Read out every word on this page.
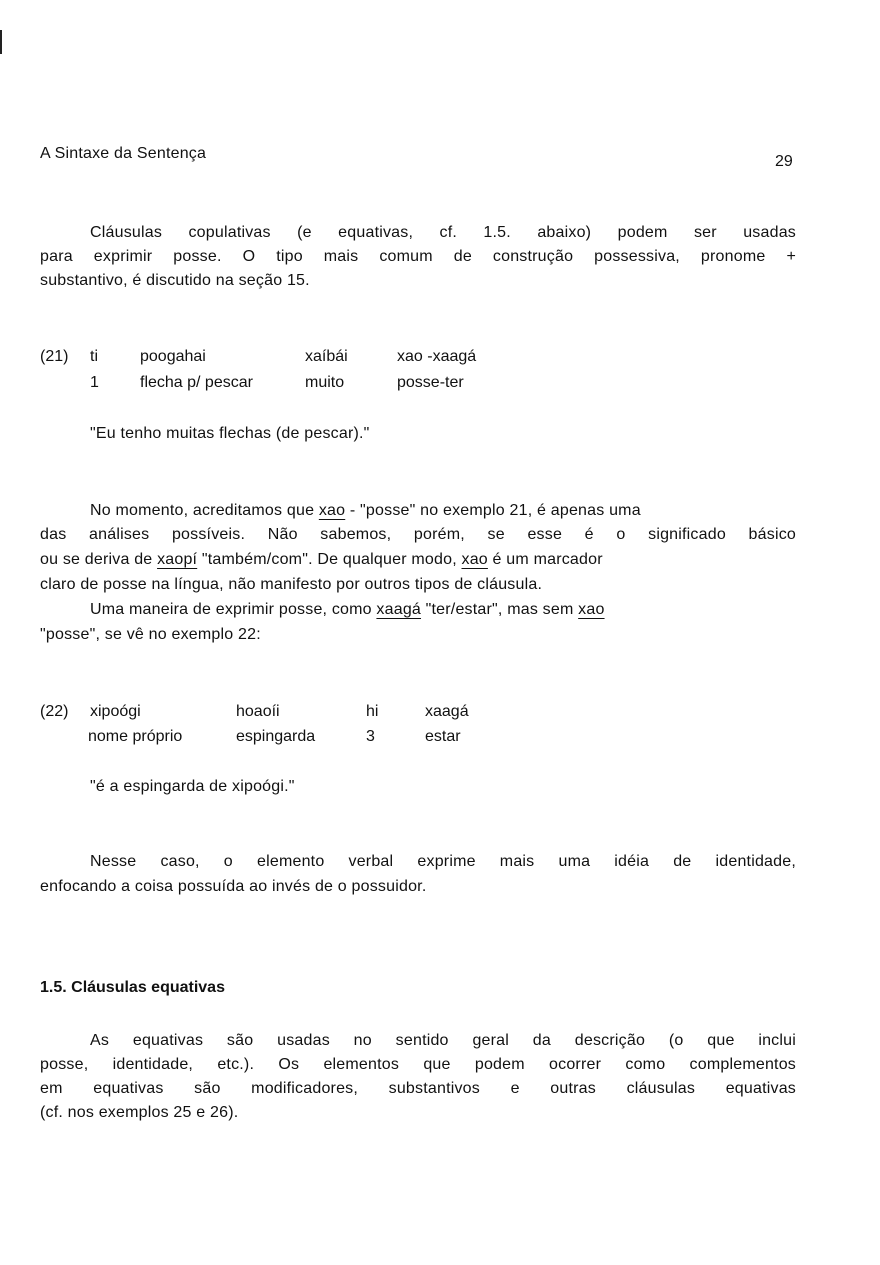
A Sintaxe da Sentença	29
Cláusulas copulativas (e equativas, cf. 1.5. abaixo) podem ser usadas
para exprimir posse. O tipo mais comum de construção possessiva, pronome +
substantivo, é discutido na seção 15.
(21) ti	poogahai	xaíbái	xao -xaagá
1	flecha p/ pescar	muito	posse-ter
"Eu tenho muitas flechas (de pescar)."
No momento, acreditamos que xao - "posse" no exemplo 21, é apenas uma
das análises possíveis. Não sabemos, porém, se esse é o significado básico
ou se deriva de xaopí "também/com". De qualquer modo, xao é um marcador
claro de posse na língua, não manifesto por outros tipos de cláusula.
Uma maneira de exprimir posse, como xaagá "ter/estar", mas sem xao
"posse", se vê no exemplo 22:
(22) xipoógi	hoaoíi	hi	xaagá
nome próprio	espingarda	3	estar
"é a espingarda de xipoógi."
Nesse caso, o elemento verbal exprime mais uma idéia de identidade,
enfocando a coisa possuída ao invés de o possuidor.
1.5. Cláusulas equativas
As equativas são usadas no sentido geral da descrição (o que inclui
posse, identidade, etc.). Os elementos que podem ocorrer como complementos
em equativas são modificadores, substantivos e outras cláusulas equativas
(cf. nos exemplos 25 e 26).
